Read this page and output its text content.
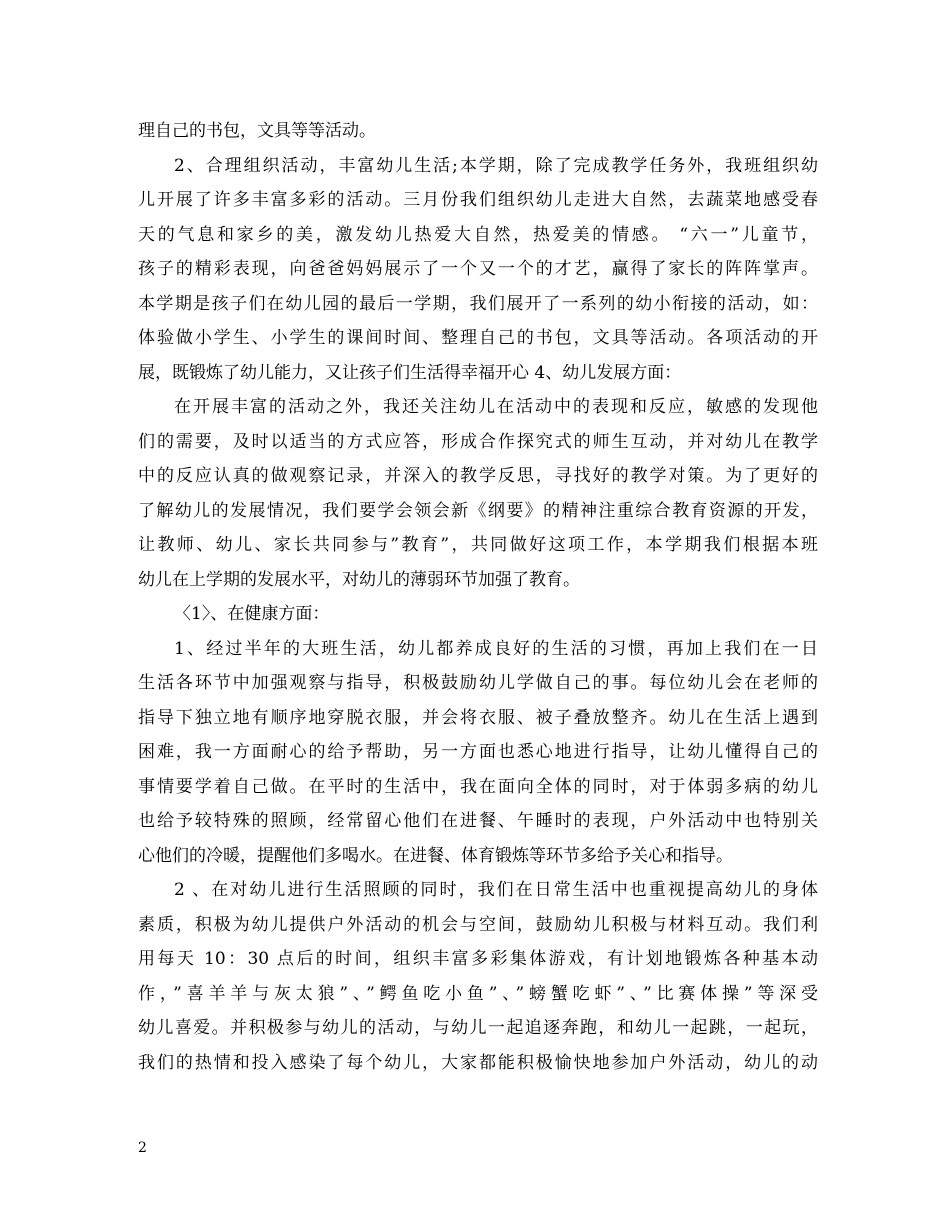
理自己的书包，文具等等活动。
2、合理组织活动，丰富幼儿生活;本学期，除了完成教学任务外，我班组织幼
儿开展了许多丰富多彩的活动。三月份我们组织幼儿走进大自然，去蔬菜地感受春
天的气息和家乡的美，激发幼儿热爱大自然，热爱美的情感。 “六一”儿童节，
孩子的精彩表现，向爸爸妈妈展示了一个又一个的才艺，赢得了家长的阵阵掌声。
本学期是孩子们在幼儿园的最后一学期，我们展开了一系列的幼小衔接的活动，如：
体验做小学生、小学生的课间时间、整理自己的书包，文具等活动。各项活动的开
展，既锻炼了幼儿能力，又让孩子们生活得幸福开心 4、幼儿发展方面：
在开展丰富的活动之外，我还关注幼儿在活动中的表现和反应，敏感的发现他
们的需要，及时以适当的方式应答，形成合作探究式的师生互动，并对幼儿在教学
中的反应认真的做观察记录，并深入的教学反思，寻找好的教学对策。为了更好的
了解幼儿的发展情况，我们要学会领会新《纲要》的精神注重综合教育资源的开发，
让教师、幼儿、家长共同参与”教育”，共同做好这项工作，本学期我们根据本班
幼儿在上学期的发展水平，对幼儿的薄弱环节加强了教育。
〈1〉、在健康方面：
1、经过半年的大班生活，幼儿都养成良好的生活的习惯，再加上我们在一日
生活各环节中加强观察与指导，积极鼓励幼儿学做自己的事。每位幼儿会在老师的
指导下独立地有顺序地穿脱衣服，并会将衣服、被子叠放整齐。幼儿在生活上遇到
困难，我一方面耐心的给予帮助，另一方面也悉心地进行指导，让幼儿懂得自己的
事情要学着自己做。在平时的生活中，我在面向全体的同时，对于体弱多病的幼儿
也给予较特殊的照顾，经常留心他们在进餐、午睡时的表现，户外活动中也特别关
心他们的冷暖，提醒他们多喝水。在进餐、体育锻炼等环节多给予关心和指导。
2 、在对幼儿进行生活照顾的同时，我们在日常生活中也重视提高幼儿的身体
素质，积极为幼儿提供户外活动的机会与空间，鼓励幼儿积极与材料互动。我们利
用每天 10：30 点后的时间，组织丰富多彩集体游戏，有计划地锻炼各种基本动
作，”喜羊羊与灰太狼”、”鳄鱼吃小鱼”、”螃蟹吃虾”、”比赛体操”等深受
幼儿喜爱。并积极参与幼儿的活动，与幼儿一起追逐奔跑，和幼儿一起跳，一起玩，
我们的热情和投入感染了每个幼儿，大家都能积极愉快地参加户外活动，幼儿的动
2
